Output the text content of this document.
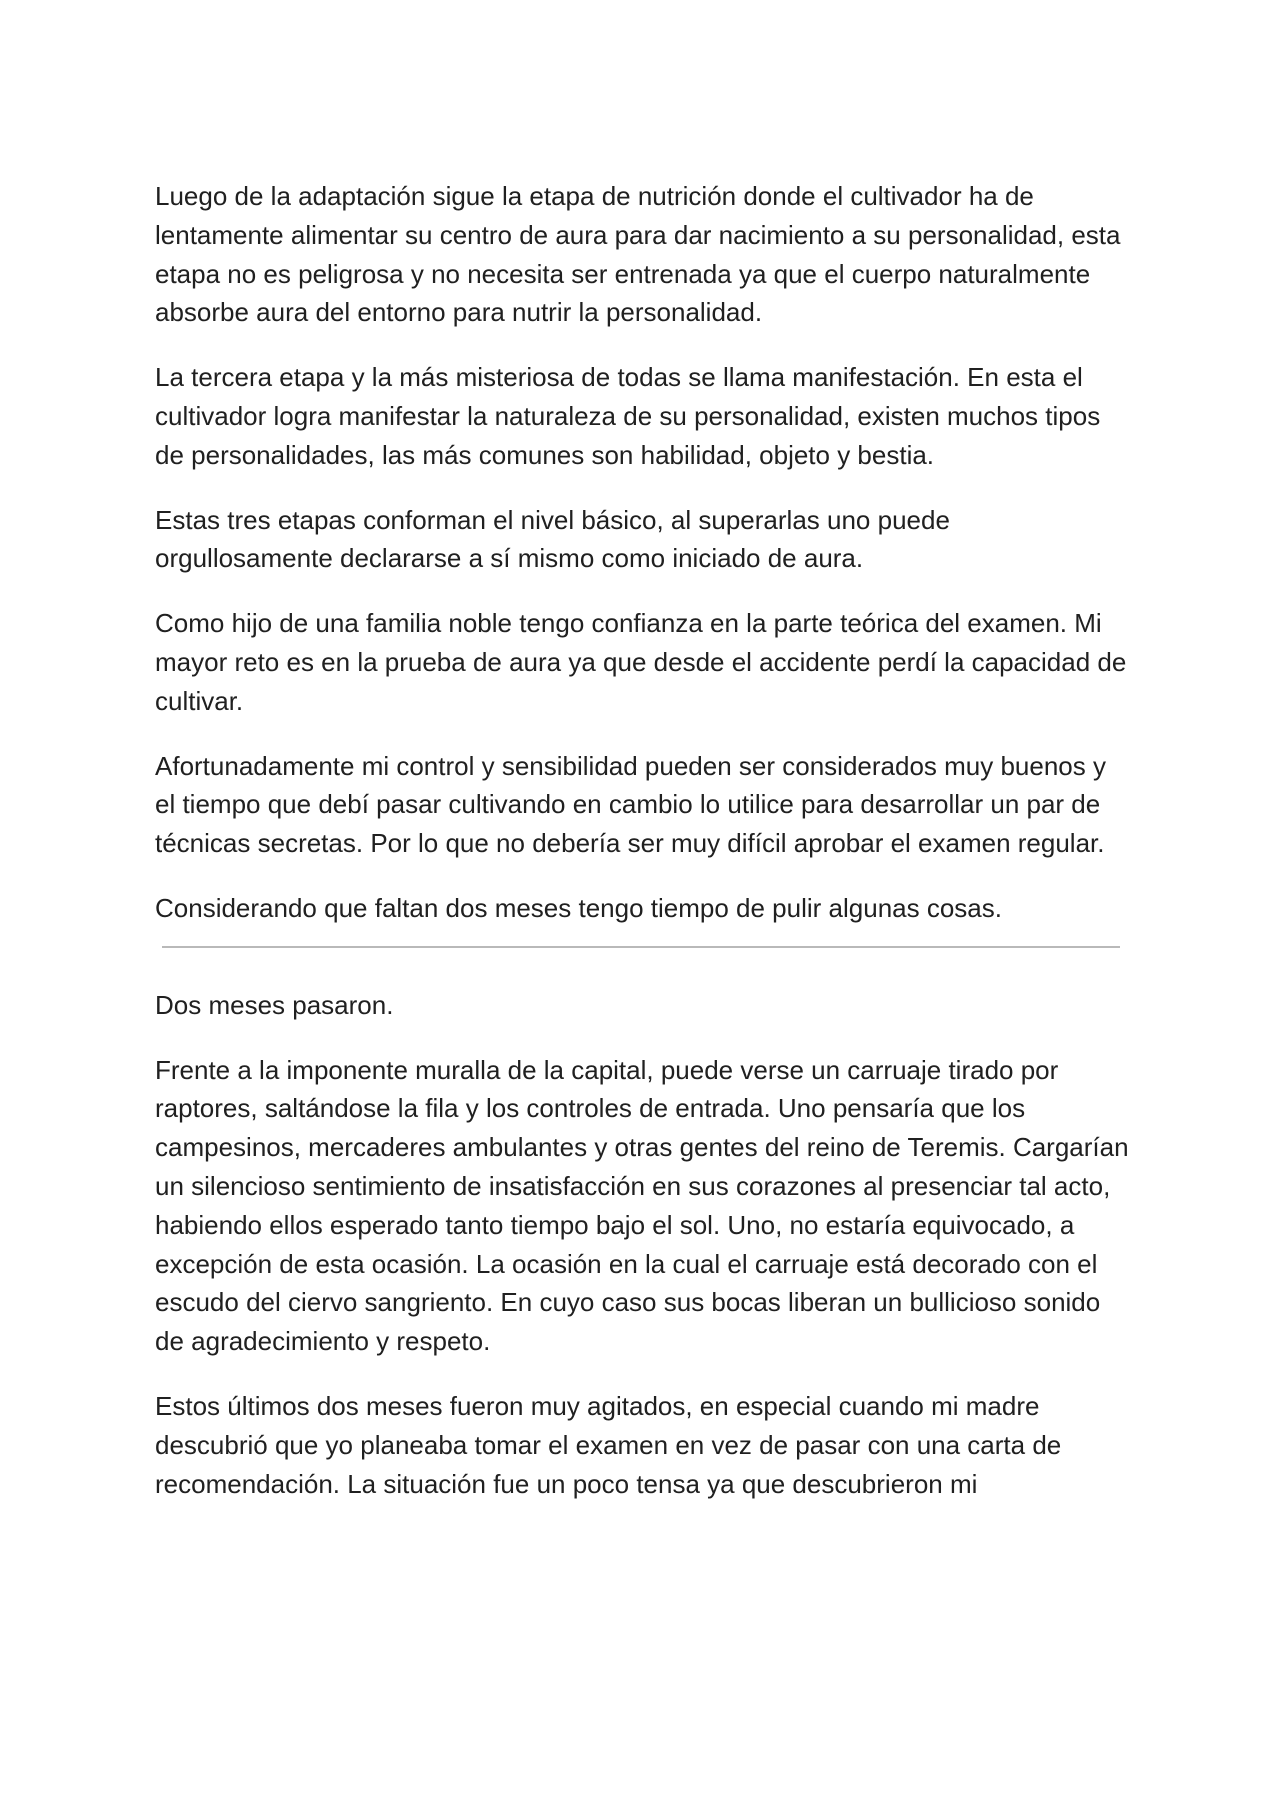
Luego de la adaptación sigue la etapa de nutrición donde el cultivador ha de lentamente alimentar su centro de aura para dar nacimiento a su personalidad, esta etapa no es peligrosa y no necesita ser entrenada ya que el cuerpo naturalmente absorbe aura del entorno para nutrir la personalidad.

La tercera etapa y la más misteriosa de todas se llama manifestación. En esta el cultivador logra manifestar la naturaleza de su personalidad, existen muchos tipos de personalidades, las más comunes son habilidad, objeto y bestia.

Estas tres etapas conforman el nivel básico, al superarlas uno puede orgullosamente declararse a sí mismo como iniciado de aura.

Como hijo de una familia noble tengo confianza en la parte teórica del examen. Mi mayor reto es en la prueba de aura ya que desde el accidente perdí la capacidad de cultivar.

Afortunadamente mi control y sensibilidad pueden ser considerados muy buenos y el tiempo que debí pasar cultivando en cambio lo utilice para desarrollar un par de técnicas secretas. Por lo que no debería ser muy difícil aprobar el examen regular.

Considerando que faltan dos meses tengo tiempo de pulir algunas cosas.

Dos meses pasaron.

Frente a la imponente muralla de la capital, puede verse un carruaje tirado por raptores, saltándose la fila y los controles de entrada. Uno pensaría que los campesinos, mercaderes ambulantes y otras gentes del reino de Teremis. Cargarían un silencioso sentimiento de insatisfacción en sus corazones al presenciar tal acto, habiendo ellos esperado tanto tiempo bajo el sol. Uno, no estaría equivocado, a excepción de esta ocasión. La ocasión en la cual el carruaje está decorado con el escudo del ciervo sangriento. En cuyo caso sus bocas liberan un bullicioso sonido de agradecimiento y respeto.

Estos últimos dos meses fueron muy agitados, en especial cuando mi madre descubrió que yo planeaba tomar el examen en vez de pasar con una carta de recomendación. La situación fue un poco tensa ya que descubrieron mi
